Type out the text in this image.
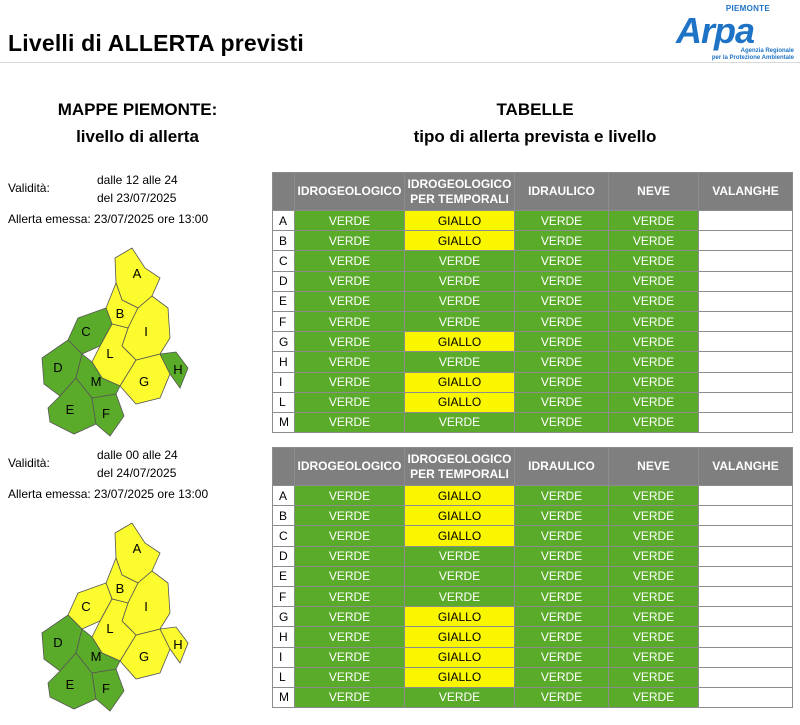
Livelli di ALLERTA previsti
PIEMONTE
Arpa
Agenzia Regionale
per la Protezione Ambientale
MAPPE PIEMONTE:
livello di allerta
TABELLE
tipo di allerta prevista e livello
Validità:
dalle 12 alle 24
del 23/07/2025
Allerta emessa: 23/07/2025 ore 13:00
A
B
C
D
E F
G
H
I
L
M
	IDROGEOLOGICO	IDROGEOLOGICO PER TEMPORALI	IDRAULICO	NEVE	VALANGHE
A	VERDE	GIALLO	VERDE	VERDE	
B	VERDE	GIALLO	VERDE	VERDE	
C	VERDE	VERDE	VERDE	VERDE	
D	VERDE	VERDE	VERDE	VERDE	
E	VERDE	VERDE	VERDE	VERDE	
F	VERDE	VERDE	VERDE	VERDE	
G	VERDE	GIALLO	VERDE	VERDE	
H	VERDE	VERDE	VERDE	VERDE	
I	VERDE	GIALLO	VERDE	VERDE	
L	VERDE	GIALLO	VERDE	VERDE	
M	VERDE	VERDE	VERDE	VERDE	
Validità:
dalle 00 alle 24
del 24/07/2025
Allerta emessa: 23/07/2025 ore 13:00
A
B
C
D
E F
G
H
I
L
M
	IDROGEOLOGICO	IDROGEOLOGICO PER TEMPORALI	IDRAULICO	NEVE	VALANGHE
A	VERDE	GIALLO	VERDE	VERDE	
B	VERDE	GIALLO	VERDE	VERDE	
C	VERDE	GIALLO	VERDE	VERDE	
D	VERDE	VERDE	VERDE	VERDE	
E	VERDE	VERDE	VERDE	VERDE	
F	VERDE	VERDE	VERDE	VERDE	
G	VERDE	GIALLO	VERDE	VERDE	
H	VERDE	GIALLO	VERDE	VERDE	
I	VERDE	GIALLO	VERDE	VERDE	
L	VERDE	GIALLO	VERDE	VERDE	
M	VERDE	VERDE	VERDE	VERDE	
